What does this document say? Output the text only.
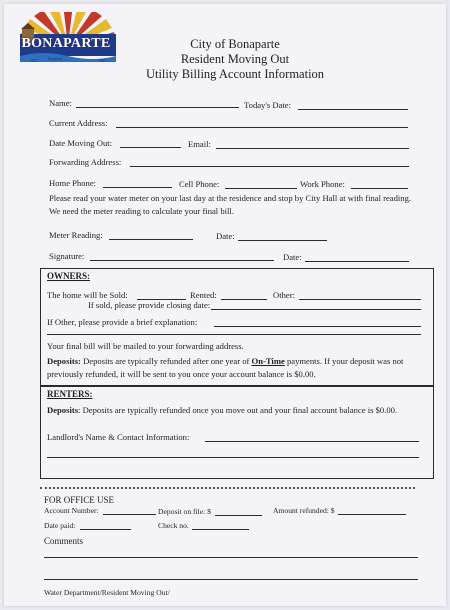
BONAPARTE
Founded
1837	1841
City of Bonaparte
Resident Moving Out
Utility Billing Account Information
Name:	Today's Date:
Current Address:
Date Moving Out:	Email:
Forwarding Address:
Home Phone:	Cell Phone:	Work Phone:
Please read your water meter on your last day at the residence and stop by City Hall at with final reading. We need the meter reading to calculate your final bill.
Meter Reading:	Date:
Signature:	Date:
OWNERS:
The home will be Sold:	Rented:	Other:
If sold, please provide closing date:
If Other, please provide a brief explanation:
Your final bill will be mailed to your forwarding address.
Deposits: Deposits are typically refunded after one year of On-Time payments. If your deposit was not previously refunded, it will be sent to you once your account balance is $0.00.
RENTERS:
Deposits: Deposits are typically refunded once you move out and your final account balance is $0.00.
Landlord's Name & Contact Information:
FOR OFFICE USE
Account Number:	Deposit on file: $	Amount refunded: $
Date paid:	Check no.
Comments
Water Department/Resident Moving Out/
